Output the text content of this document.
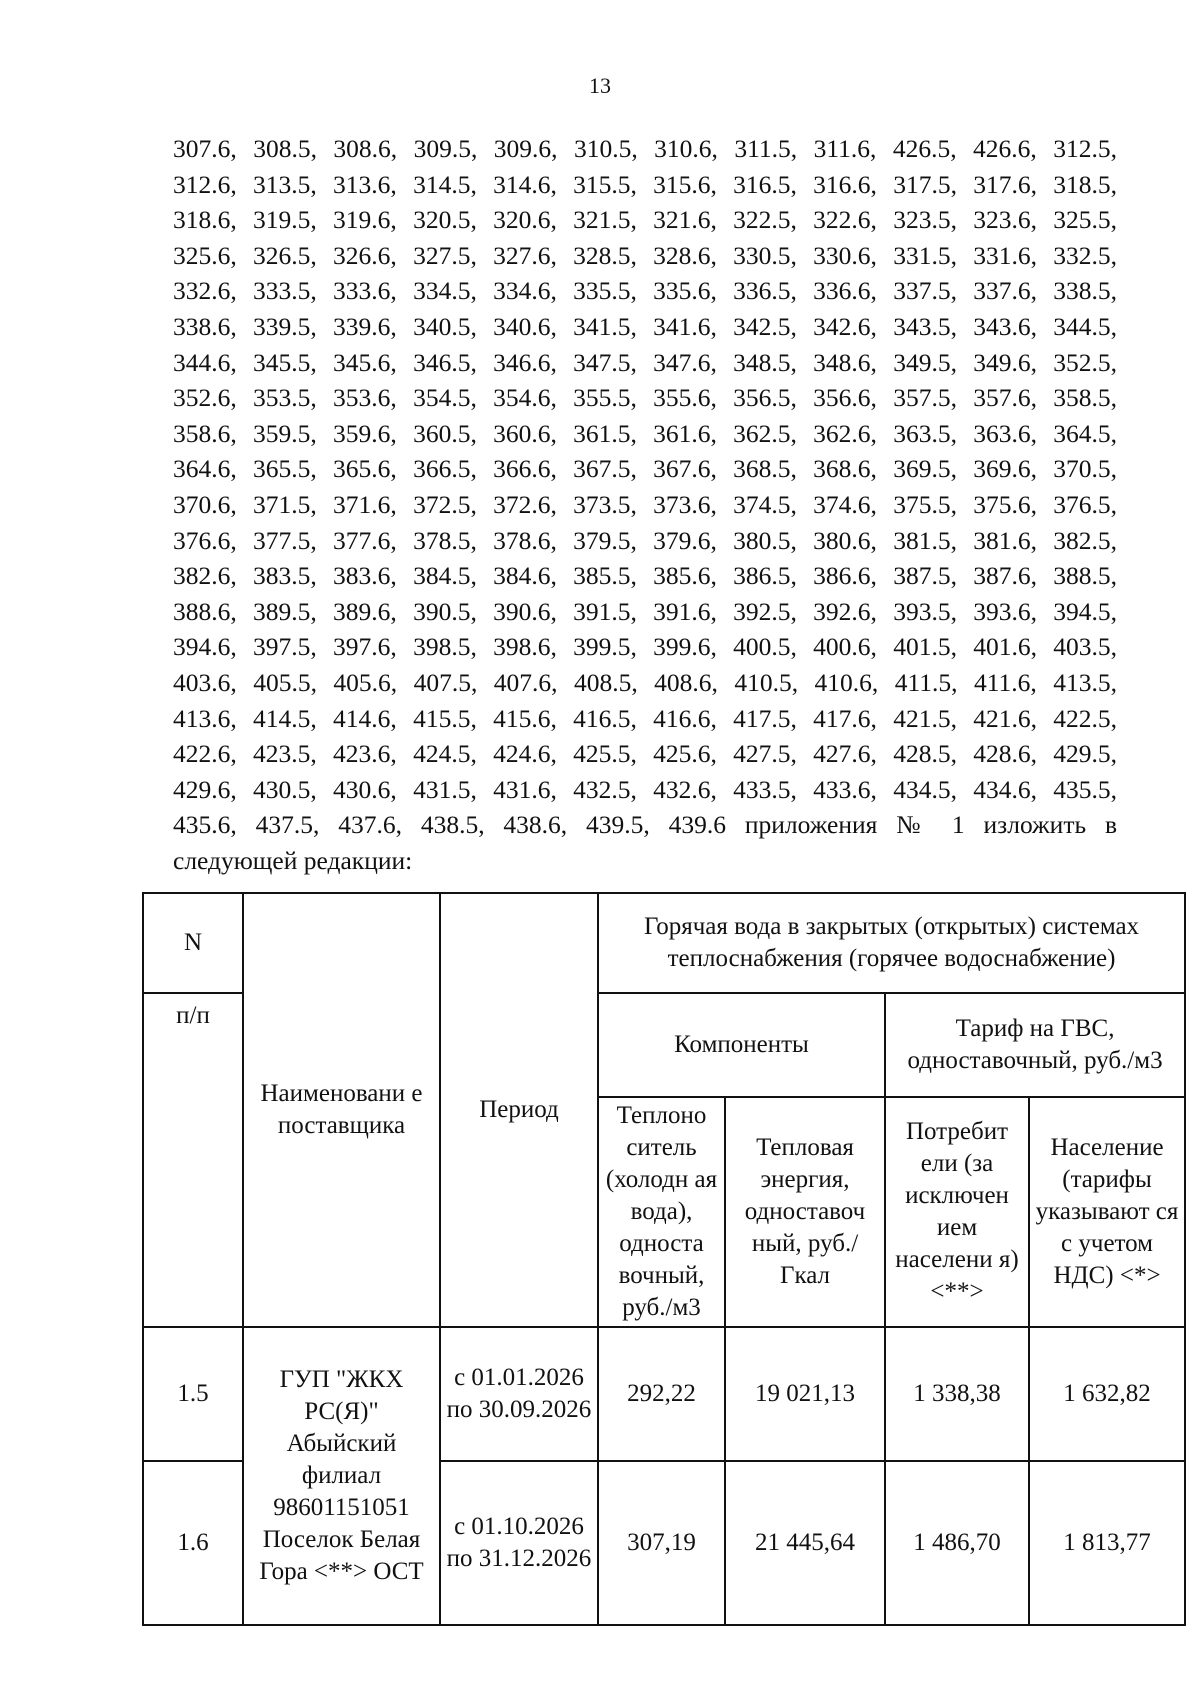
13
307.6, 308.5, 308.6, 309.5, 309.6, 310.5, 310.6, 311.5, 311.6, 426.5, 426.6, 312.5,
312.6, 313.5, 313.6, 314.5, 314.6, 315.5, 315.6, 316.5, 316.6, 317.5, 317.6, 318.5,
318.6, 319.5, 319.6, 320.5, 320.6, 321.5, 321.6, 322.5, 322.6, 323.5, 323.6, 325.5,
325.6, 326.5, 326.6, 327.5, 327.6, 328.5, 328.6, 330.5, 330.6, 331.5, 331.6, 332.5,
332.6, 333.5, 333.6, 334.5, 334.6, 335.5, 335.6, 336.5, 336.6, 337.5, 337.6, 338.5,
338.6, 339.5, 339.6, 340.5, 340.6, 341.5, 341.6, 342.5, 342.6, 343.5, 343.6, 344.5,
344.6, 345.5, 345.6, 346.5, 346.6, 347.5, 347.6, 348.5, 348.6, 349.5, 349.6, 352.5,
352.6, 353.5, 353.6, 354.5, 354.6, 355.5, 355.6, 356.5, 356.6, 357.5, 357.6, 358.5,
358.6, 359.5, 359.6, 360.5, 360.6, 361.5, 361.6, 362.5, 362.6, 363.5, 363.6, 364.5,
364.6, 365.5, 365.6, 366.5, 366.6, 367.5, 367.6, 368.5, 368.6, 369.5, 369.6, 370.5,
370.6, 371.5, 371.6, 372.5, 372.6, 373.5, 373.6, 374.5, 374.6, 375.5, 375.6, 376.5,
376.6, 377.5, 377.6, 378.5, 378.6, 379.5, 379.6, 380.5, 380.6, 381.5, 381.6, 382.5,
382.6, 383.5, 383.6, 384.5, 384.6, 385.5, 385.6, 386.5, 386.6, 387.5, 387.6, 388.5,
388.6, 389.5, 389.6, 390.5, 390.6, 391.5, 391.6, 392.5, 392.6, 393.5, 393.6, 394.5,
394.6, 397.5, 397.6, 398.5, 398.6, 399.5, 399.6, 400.5, 400.6, 401.5, 401.6, 403.5,
403.6, 405.5, 405.6, 407.5, 407.6, 408.5, 408.6, 410.5, 410.6, 411.5, 411.6, 413.5,
413.6, 414.5, 414.6, 415.5, 415.6, 416.5, 416.6, 417.5, 417.6, 421.5, 421.6, 422.5,
422.6, 423.5, 423.6, 424.5, 424.6, 425.5, 425.6, 427.5, 427.6, 428.5, 428.6, 429.5,
429.6, 430.5, 430.6, 431.5, 431.6, 432.5, 432.6, 433.5, 433.6, 434.5, 434.6, 435.5,
435.6, 437.5, 437.6, 438.5, 438.6, 439.5, 439.6 приложения № 1 изложить в
следующей редакции:
N	Наименовани е поставщика	Период	Горячая вода в закрытых (открытых) системах теплоснабжения (горячее водоснабжение)			
п/п			Компоненты		Тариф на ГВС, одноставочный, руб./м3	
			Теплоно ситель (холодн ая вода), односта вочный, руб./м3	Тепловая энергия, одноставоч ный, руб./Гкал	Потребит ели (за исключен ием населени я) <**>	Население (тарифы указывают ся с учетом НДС) <*>
1.5	ГУП "ЖКХ РС(Я)" Абыйский филиал 98601151051 Поселок Белая Гора <**> ОСТ	с 01.01.2026 по 30.09.2026	292,22	19 021,13	1 338,38	1 632,82
1.6		с 01.10.2026 по 31.12.2026	307,19	21 445,64	1 486,70	1 813,77
